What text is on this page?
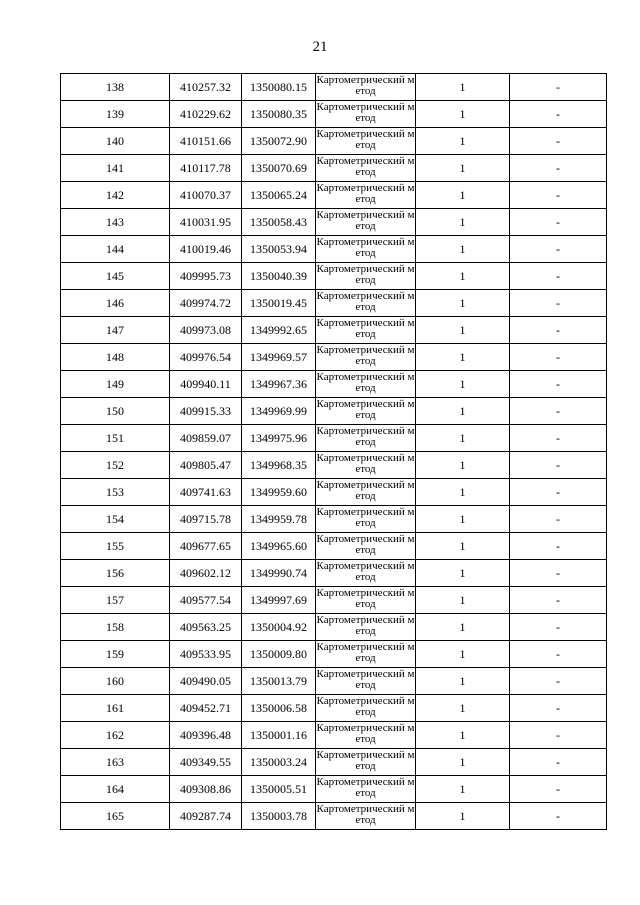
21
138	410257.32	1350080.15	Картометрический метод	1	-
139	410229.62	1350080.35	Картометрический метод	1	-
140	410151.66	1350072.90	Картометрический метод	1	-
141	410117.78	1350070.69	Картометрический метод	1	-
142	410070.37	1350065.24	Картометрический метод	1	-
143	410031.95	1350058.43	Картометрический метод	1	-
144	410019.46	1350053.94	Картометрический метод	1	-
145	409995.73	1350040.39	Картометрический метод	1	-
146	409974.72	1350019.45	Картометрический метод	1	-
147	409973.08	1349992.65	Картометрический метод	1	-
148	409976.54	1349969.57	Картометрический метод	1	-
149	409940.11	1349967.36	Картометрический метод	1	-
150	409915.33	1349969.99	Картометрический метод	1	-
151	409859.07	1349975.96	Картометрический метод	1	-
152	409805.47	1349968.35	Картометрический метод	1	-
153	409741.63	1349959.60	Картометрический метод	1	-
154	409715.78	1349959.78	Картометрический метод	1	-
155	409677.65	1349965.60	Картометрический метод	1	-
156	409602.12	1349990.74	Картометрический метод	1	-
157	409577.54	1349997.69	Картометрический метод	1	-
158	409563.25	1350004.92	Картометрический метод	1	-
159	409533.95	1350009.80	Картометрический метод	1	-
160	409490.05	1350013.79	Картометрический метод	1	-
161	409452.71	1350006.58	Картометрический метод	1	-
162	409396.48	1350001.16	Картометрический метод	1	-
163	409349.55	1350003.24	Картометрический метод	1	-
164	409308.86	1350005.51	Картометрический метод	1	-
165	409287.74	1350003.78	Картометрический метод	1	-
